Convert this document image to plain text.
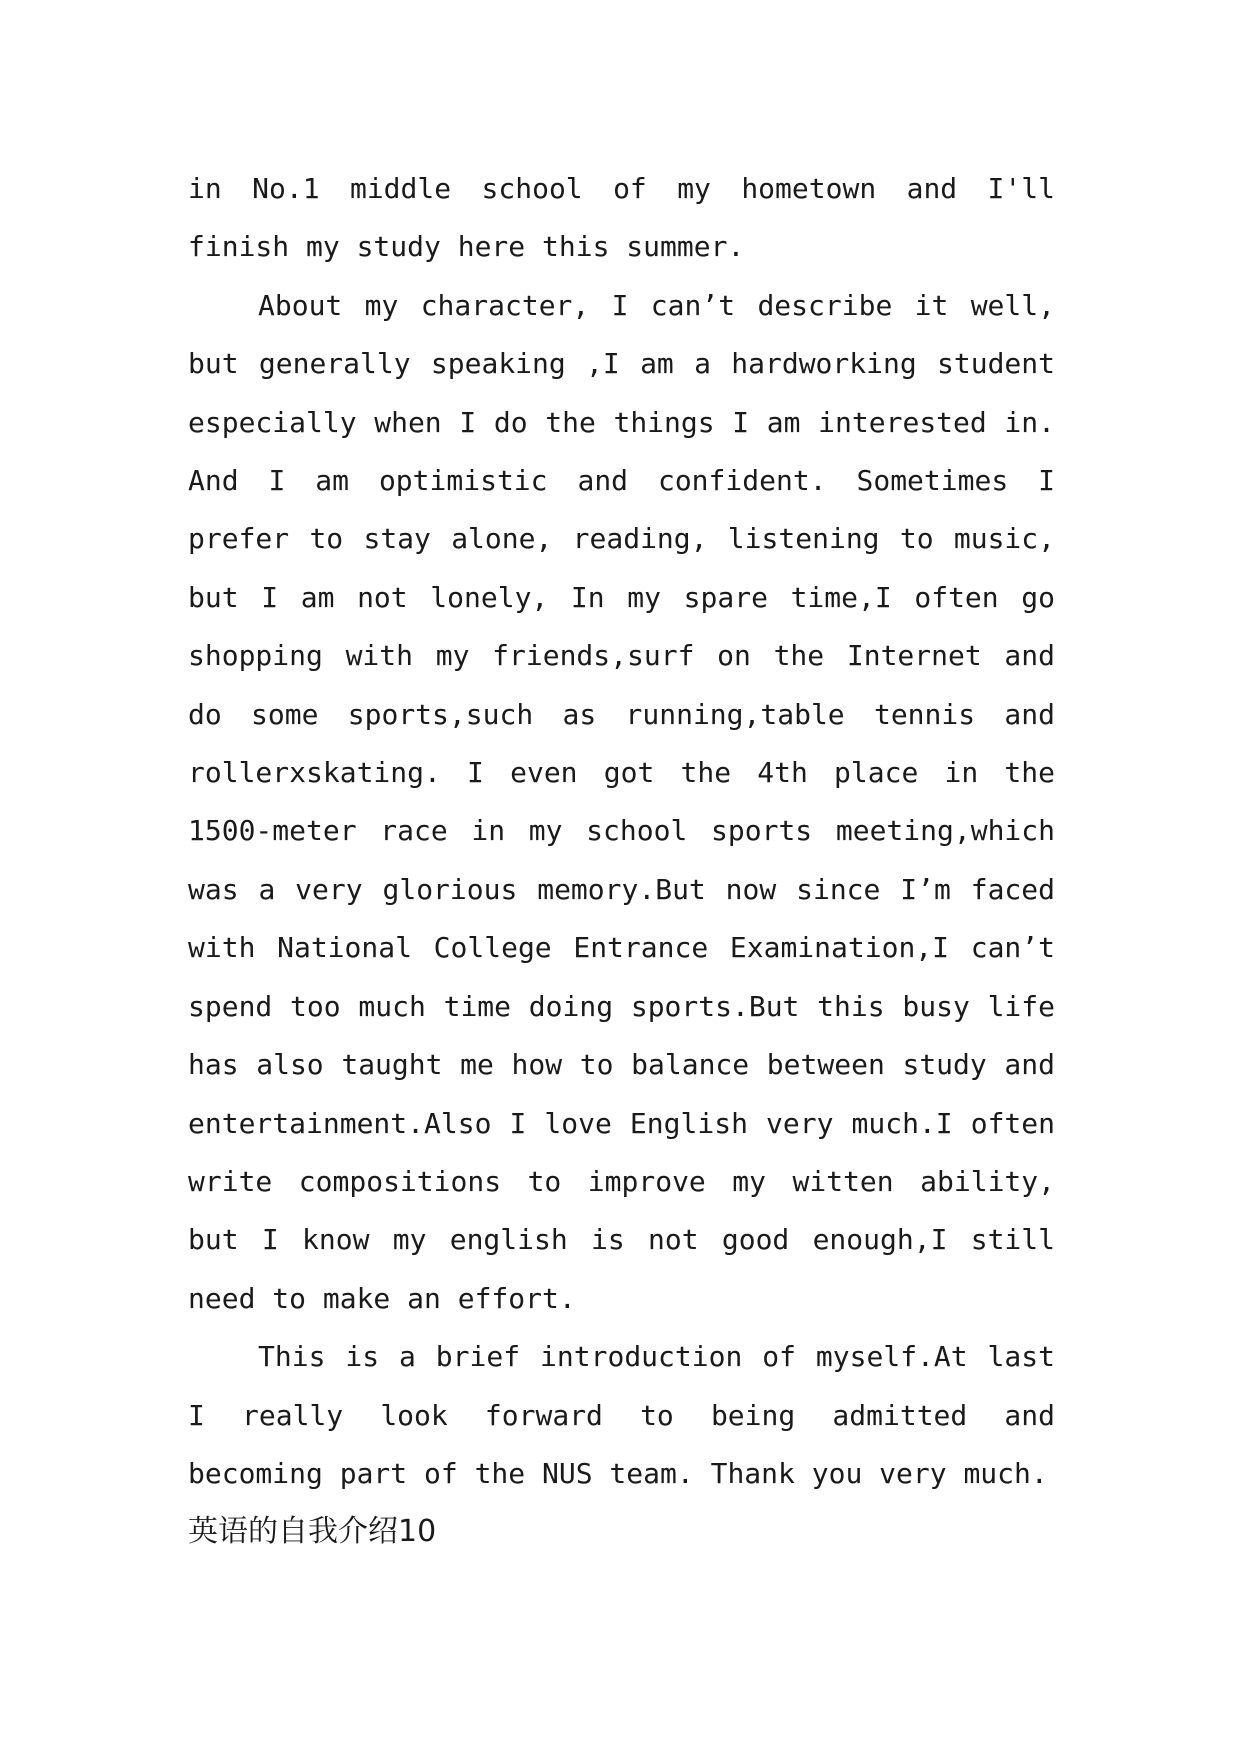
in No.1 middle school of my hometown and I'll finish my study here this summer.

About my character, I can’t describe it well, but generally speaking ,I am a hardworking student especially when I do the things I am interested in. And I am optimistic and confident. Sometimes I prefer to stay alone, reading, listening to music, but I am not lonely, In my spare time,I often go shopping with my friends,surf on the Internet and do some sports,such as running,table tennis and rollerxskating. I even got the 4th place in the 1500-meter race in my school sports meeting,which was a very glorious memory.But now since I’m faced with National College Entrance Examination,I can’t spend too much time doing sports.But this busy life has also taught me how to balance between study and entertainment.Also I love English very much.I often write compositions to improve my witten ability, but I know my english is not good enough,I still need to make an effort.

This is a brief introduction of myself.At last I really look forward to being admitted and becoming part of the NUS team. Thank you very much.

英语的自我介绍10
